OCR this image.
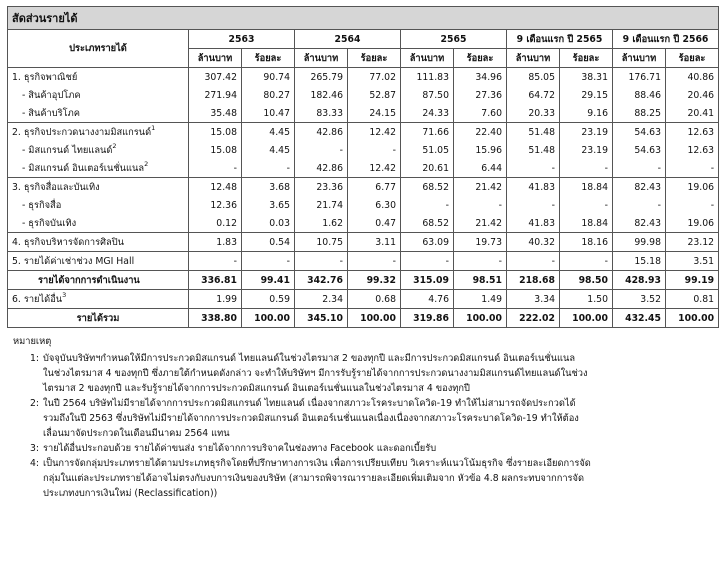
สัดส่วนรายได้										
ประเภทรายได้	2563		2564		2565		9 เดือนแรก ปี 2565		9 เดือนแรก ปี 2566	
	ล้านบาท	ร้อยละ	ล้านบาท	ร้อยละ	ล้านบาท	ร้อยละ	ล้านบาท	ร้อยละ	ล้านบาท	ร้อยละ
1. ธุรกิจพาณิชย์	307.42	90.74	265.79	77.02	111.83	34.96	85.05	38.31	176.71	40.86
- สินค้าอุปโภค	271.94	80.27	182.46	52.87	87.50	27.36	64.72	29.15	88.46	20.46
- สินค้าบริโภค	35.48	10.47	83.33	24.15	24.33	7.60	20.33	9.16	88.25	20.41
2. ธุรกิจประกวดนางงามมิสแกรนด์$^1$	15.08	4.45	42.86	12.42	71.66	22.40	51.48	23.19	54.63	12.63
- มิสแกรนด์ ไทยแลนด์$^2$	15.08	4.45	-	-	51.05	15.96	51.48	23.19	54.63	12.63
- มิสแกรนด์ อินเตอร์เนชั่นแนล$^2$	-	-	42.86	12.42	20.61	6.44	-	-	-	-
3. ธุรกิจสื่อและบันเทิง	12.48	3.68	23.36	6.77	68.52	21.42	41.83	18.84	82.43	19.06
- ธุรกิจสื่อ	12.36	3.65	21.74	6.30	-	-	-	-	-	-
- ธุรกิจบันเทิง	0.12	0.03	1.62	0.47	68.52	21.42	41.83	18.84	82.43	19.06
4. ธุรกิจบริหารจัดการศิลปิน	1.83	0.54	10.75	3.11	63.09	19.73	40.32	18.16	99.98	23.12
5. รายได้ค่าเช่าช่วง MGI Hall	-	-	-	-	-	-	-	-	15.18	3.51
รายได้จากการดำเนินงาน	336.81	99.41	342.76	99.32	315.09	98.51	218.68	98.50	428.93	99.19
6. รายได้อื่น$^3$	1.99	0.59	2.34	0.68	4.76	1.49	3.34	1.50	3.52	0.81
รายได้รวม	338.80	100.00	345.10	100.00	319.86	100.00	222.02	100.00	432.45	100.00
หมายเหตุ
1: บัจจุบันบริษัทฯกำหนดให้มีการประกวดมิสแกรนด์ ไทยแลนด์ในช่วงไตรมาส 2 ของทุกปี และมีการประกวดมิสแกรนด์ อินเตอร์เนชั่นแนล
ในช่วงไตรมาส 4 ของทุกปี ซึ่งภายใต้กำหนดดังกล่าว จะทำให้บริษัทฯ มีการรับรู้รายได้จากการประกวดนางงามมิสแกรนด์ไทยแลนด์ในช่วง
ไตรมาส 2 ของทุกปี และรับรู้รายได้จากการประกวดมิสแกรนด์ อินเตอร์เนชั่นแนลในช่วงไตรมาส 4 ของทุกปี
2: ในปี 2564 บริษัทไม่มีรายได้จากการประกวดมิสแกรนด์ ไทยแลนด์ เนื่องจากสภาวะโรคระบาดโควิด-19 ทำให้ไม่สามารถจัดประกวดได้
รวมถึงในปี 2563 ซึ่งบริษัทไม่มีรายได้จากการประกวดมิสแกรนด์ อินเตอร์เนชั่นแนลเนื่องเนื่องจากสภาวะโรคระบาดโควิด-19 ทำให้ต้อง
เลื่อนมาจัดประกวดในเดือนมีนาคม 2564 แทน
3: รายได้อื่นประกอบด้วย รายได้ค่าขนส่ง รายได้จากการบริจาคในช่องทาง Facebook และดอกเบี้ยรับ
4: เป็นการจัดกลุ่มประเภทรายได้ตามประเภทธุรกิจโดยที่ปรึกษาทางการเงิน เพื่อการเปรียบเทียบ วิเคราะห์แนวโน้มธุรกิจ ซึ่งรายละเอียดการจัด
กลุ่มในแต่ละประเภทรายได้อาจไม่ตรงกับงบการเงินของบริษัท (สามารถพิจารณารายละเอียดเพิ่มเติมจาก หัวข้อ 4.8 ผลกระทบจากการจัด
ประเภทงบการเงินใหม่ (Reclassification))
